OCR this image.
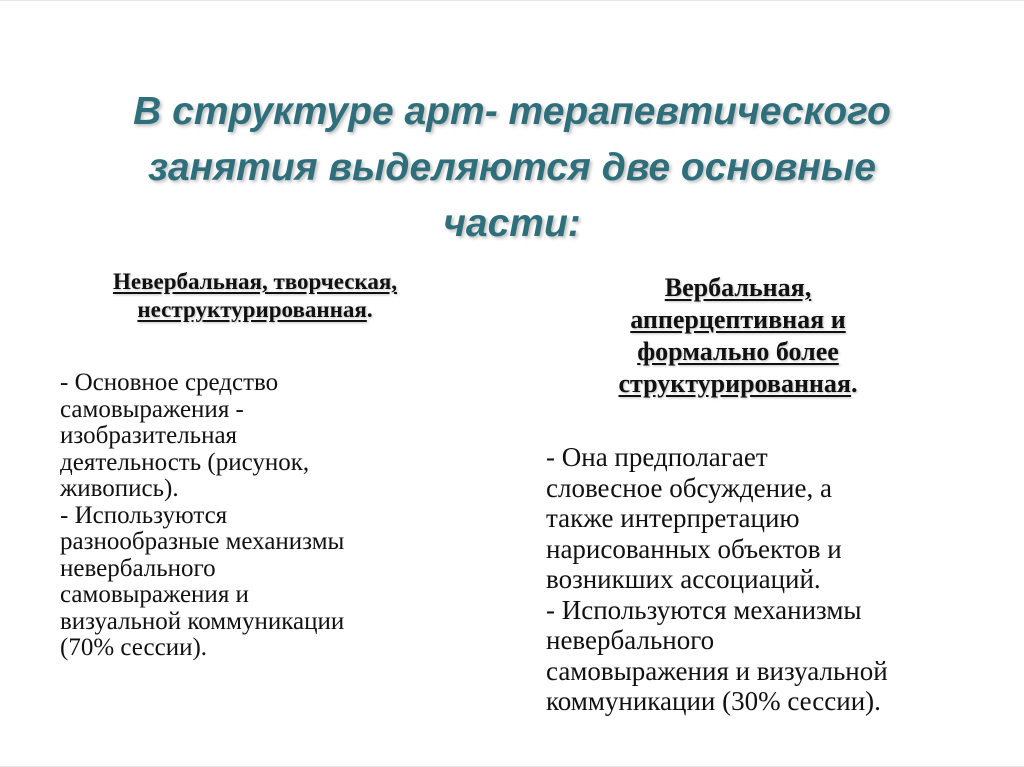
В структуре арт- терапевтического
занятия выделяются две основные
части:

Невербальная, творческая,
неструктурированная.

- Основное средство
самовыражения -
изобразительная
деятельность (рисунок,
живопись).
- Используются
разнообразные механизмы
невербального
самовыражения и
визуальной коммуникации
(70% сессии).

Вербальная,
апперцептивная и
формально более
структурированная.

- Она предполагает
словесное обсуждение, а
также интерпретацию
нарисованных объектов и
возникших ассоциаций.
- Используются механизмы
невербального
самовыражения и визуальной
коммуникации (30% сессии).
